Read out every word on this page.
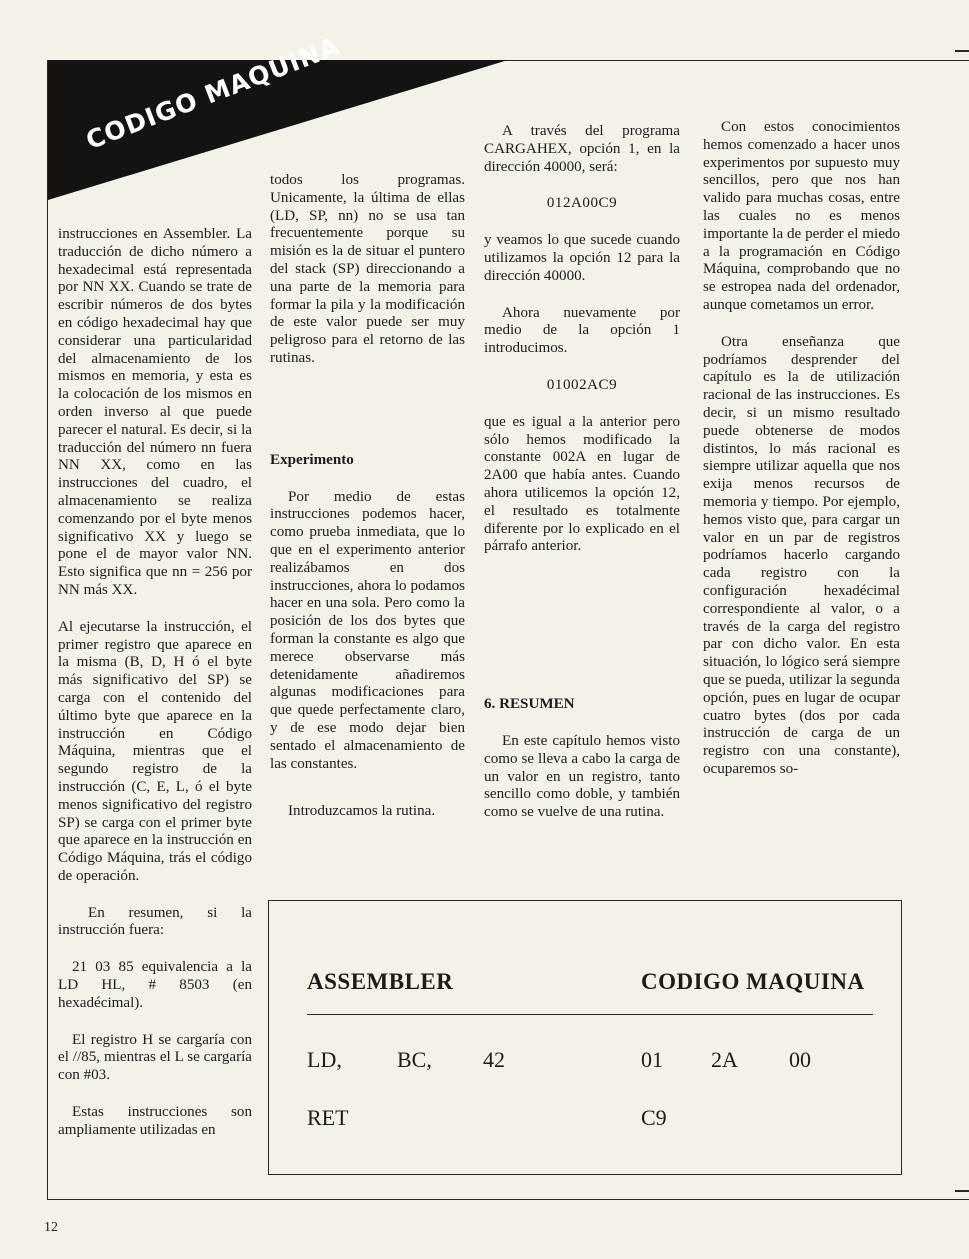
CODIGO MAQUINA

instrucciones en Assembler. La traducción de dicho número a hexadecimal está representada por NN XX. Cuando se trate de escribir números de dos bytes en código hexadecimal hay que considerar una particularidad del almacenamiento de los mismos en memoria, y esta es la colocación de los mismos en orden inverso al que puede parecer el natural. Es decir, si la traducción del número nn fuera NN XX, como en las instrucciones del cuadro, el almacenamiento se realiza comenzando por el byte menos significativo XX y luego se pone el de mayor valor NN. Esto significa que nn = 256 por NN más XX.

Al ejecutarse la instrucción, el primer registro que aparece en la misma (B, D, H ó el byte más significativo del SP) se carga con el contenido del último byte que aparece en la instrucción en Código Máquina, mientras que el segundo registro de la instrucción (C, E, L, ó el byte menos significativo del registro SP) se carga con el primer byte que aparece en la instrucción en Código Máquina, trás el código de operación.

En resumen, si la instrucción fuera:

21 03 85 equivalencia a la LD HL, # 8503 (en hexadécimal).

El registro H se cargaría con el //85, mientras el L se cargaría con #03.

Estas instrucciones son ampliamente utilizadas en

todos los programas. Unicamente, la última de ellas (LD, SP, nn) no se usa tan frecuentemente porque su misión es la de situar el puntero del stack (SP) direccionando a una parte de la memoria para formar la pila y la modificación de este valor puede ser muy peligroso para el retorno de las rutinas.

Experimento

Por medio de estas instrucciones podemos hacer, como prueba inmediata, que lo que en el experimento anterior realizábamos en dos instrucciones, ahora lo podamos hacer en una sola. Pero como la posición de los dos bytes que forman la constante es algo que merece observarse más detenidamente añadiremos algunas modificaciones para que quede perfectamente claro, y de ese modo dejar bien sentado el almacenamiento de las constantes.

Introduzcamos la rutina.

A través del programa CARGAHEX, opción 1, en la dirección 40000, será:

012A00C9

y veamos lo que sucede cuando utilizamos la opción 12 para la dirección 40000.

Ahora nuevamente por medio de la opción 1 introducimos.

01002AC9

que es igual a la anterior pero sólo hemos modificado la constante 002A en lugar de 2A00 que había antes. Cuando ahora utilicemos la opción 12, el resultado es totalmente diferente por lo explicado en el párrafo anterior.

6. RESUMEN

En este capítulo hemos visto como se lleva a cabo la carga de un valor en un registro, tanto sencillo como doble, y también como se vuelve de una rutina.

Con estos conocimientos hemos comenzado a hacer unos experimentos por supuesto muy sencillos, pero que nos han valido para muchas cosas, entre las cuales no es menos importante la de perder el miedo a la programación en Código Máquina, comprobando que no se estropea nada del ordenador, aunque cometamos un error.

Otra enseñanza que podríamos desprender del capítulo es la de utilización racional de las instrucciones. Es decir, si un mismo resultado puede obtenerse de modos distintos, lo más racional es siempre utilizar aquella que nos exija menos recursos de memoria y tiempo. Por ejemplo, hemos visto que, para cargar un valor en un par de registros podríamos hacerlo cargando cada registro con la configuración hexadécimal correspondiente al valor, o a través de la carga del registro par con dicho valor. En esta situación, lo lógico será siempre que se pueda, utilizar la segunda opción, pues en lugar de ocupar cuatro bytes (dos por cada instrucción de carga de un registro con una constante), ocuparemos so-

ASSEMBLER	CODIGO MAQUINA
LD,	BC, 42	01 2A 00
RET	C9
12
